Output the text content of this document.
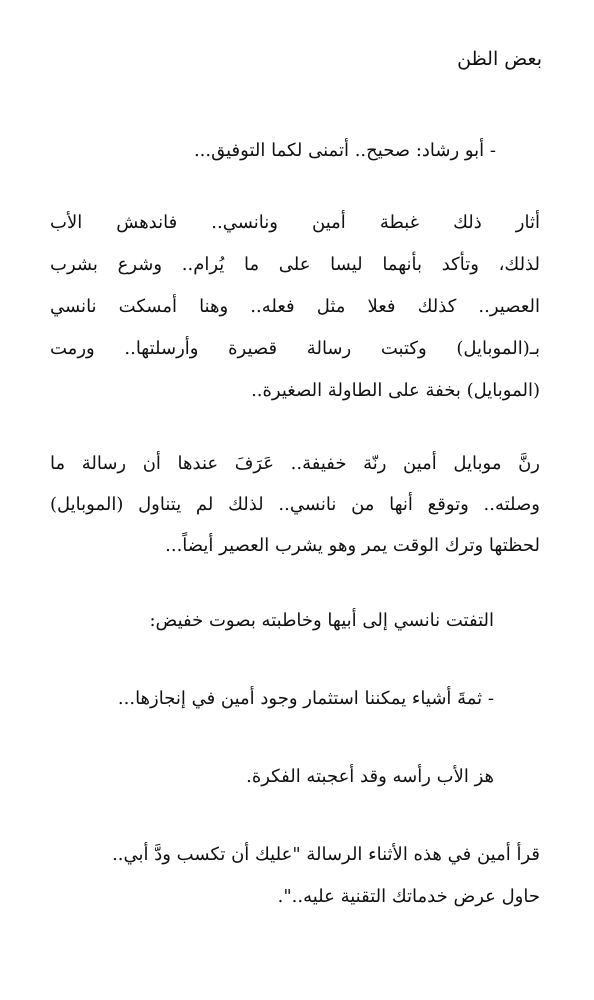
بعض الظن
- أبو رشاد: صحيح.. أتمنى لكما التوفيق...
أثار ذلك غبطة أمين ونانسي.. فاندهش الأب
لذلك، وتأكد بأنهما ليسا على ما يُرام.. وشرع بشرب
العصير.. كذلك فعلا مثل فعله.. وهنا أمسكت نانسي
بـ(الموبايل) وكتبت رسالة قصيرة وأرسلتها.. ورمت
(الموبايل) بخفة على الطاولة الصغيرة..
رنَّ موبايل أمين رنّة خفيفة.. عَرَفَ عندها أن رسالة ما
وصلته.. وتوقع أنها من نانسي.. لذلك لم يتناول (الموبايل)
لحظتها وترك الوقت يمر وهو يشرب العصير أيضاً...
التفتت نانسي إلى أبيها وخاطبته بصوت خفيض:
- ثمةَ أشياء يمكننا استثمار وجود أمين في إنجازها...
هز الأب رأسه وقد أعجبته الفكرة.
قرأ أمين في هذه الأثناء الرسالة "عليك أن تكسب ودَّ أبي..
حاول عرض خدماتك التقنية عليه..".
